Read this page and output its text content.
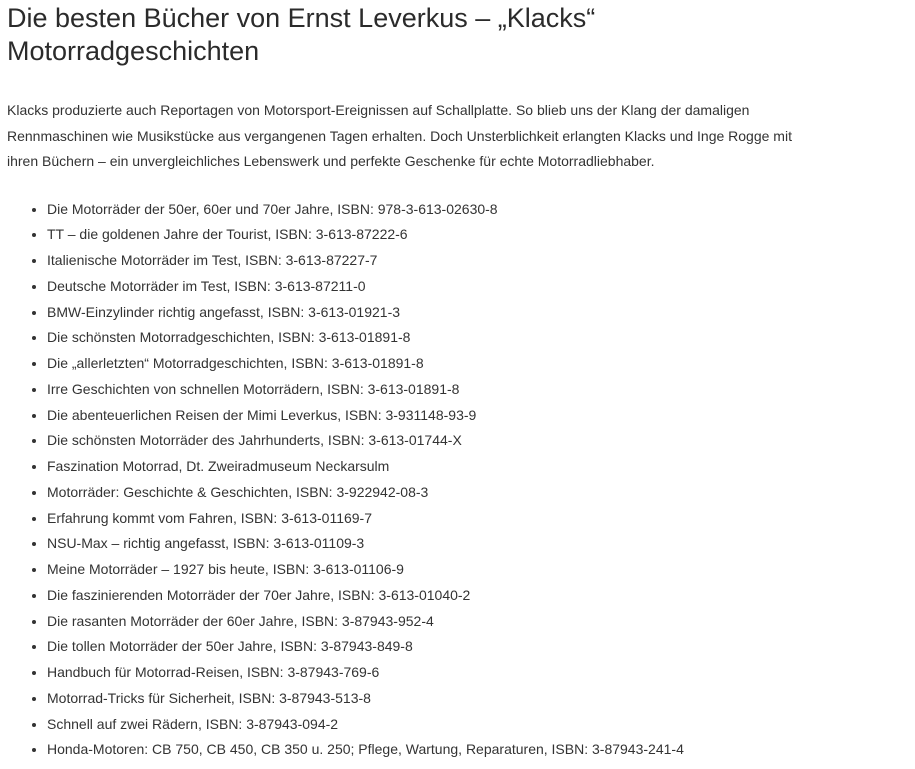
Die besten Bücher von Ernst Leverkus – „Klacks“ Motorradgeschichten

Klacks produzierte auch Reportagen von Motorsport-Ereignissen auf Schallplatte. So blieb uns der Klang der damaligen Rennmaschinen wie Musikstücke aus vergangenen Tagen erhalten. Doch Unsterblichkeit erlangten Klacks und Inge Rogge mit ihren Büchern – ein unvergleichliches Lebenswerk und perfekte Geschenke für echte Motorradliebhaber.

• Die Motorräder der 50er, 60er und 70er Jahre, ISBN: 978-3-613-02630-8
• TT – die goldenen Jahre der Tourist, ISBN: 3-613-87222-6
• Italienische Motorräder im Test, ISBN: 3-613-87227-7
• Deutsche Motorräder im Test, ISBN: 3-613-87211-0
• BMW-Einzylinder richtig angefasst, ISBN: 3-613-01921-3
• Die schönsten Motorradgeschichten, ISBN: 3-613-01891-8
• Die „allerletzten“ Motorradgeschichten, ISBN: 3-613-01891-8
• Irre Geschichten von schnellen Motorrädern, ISBN: 3-613-01891-8
• Die abenteuerlichen Reisen der Mimi Leverkus, ISBN: 3-931148-93-9
• Die schönsten Motorräder des Jahrhunderts, ISBN: 3-613-01744-X
• Faszination Motorrad, Dt. Zweiradmuseum Neckarsulm
• Motorräder: Geschichte & Geschichten, ISBN: 3-922942-08-3
• Erfahrung kommt vom Fahren, ISBN: 3-613-01169-7
• NSU-Max – richtig angefasst, ISBN: 3-613-01109-3
• Meine Motorräder – 1927 bis heute, ISBN: 3-613-01106-9
• Die faszinierenden Motorräder der 70er Jahre, ISBN: 3-613-01040-2
• Die rasanten Motorräder der 60er Jahre, ISBN: 3-87943-952-4
• Die tollen Motorräder der 50er Jahre, ISBN: 3-87943-849-8
• Handbuch für Motorrad-Reisen, ISBN: 3-87943-769-6
• Motorrad-Tricks für Sicherheit, ISBN: 3-87943-513-8
• Schnell auf zwei Rädern, ISBN: 3-87943-094-2
• Honda-Motoren: CB 750, CB 450, CB 350 u. 250; Pflege, Wartung, Reparaturen, ISBN: 3-87943-241-4
